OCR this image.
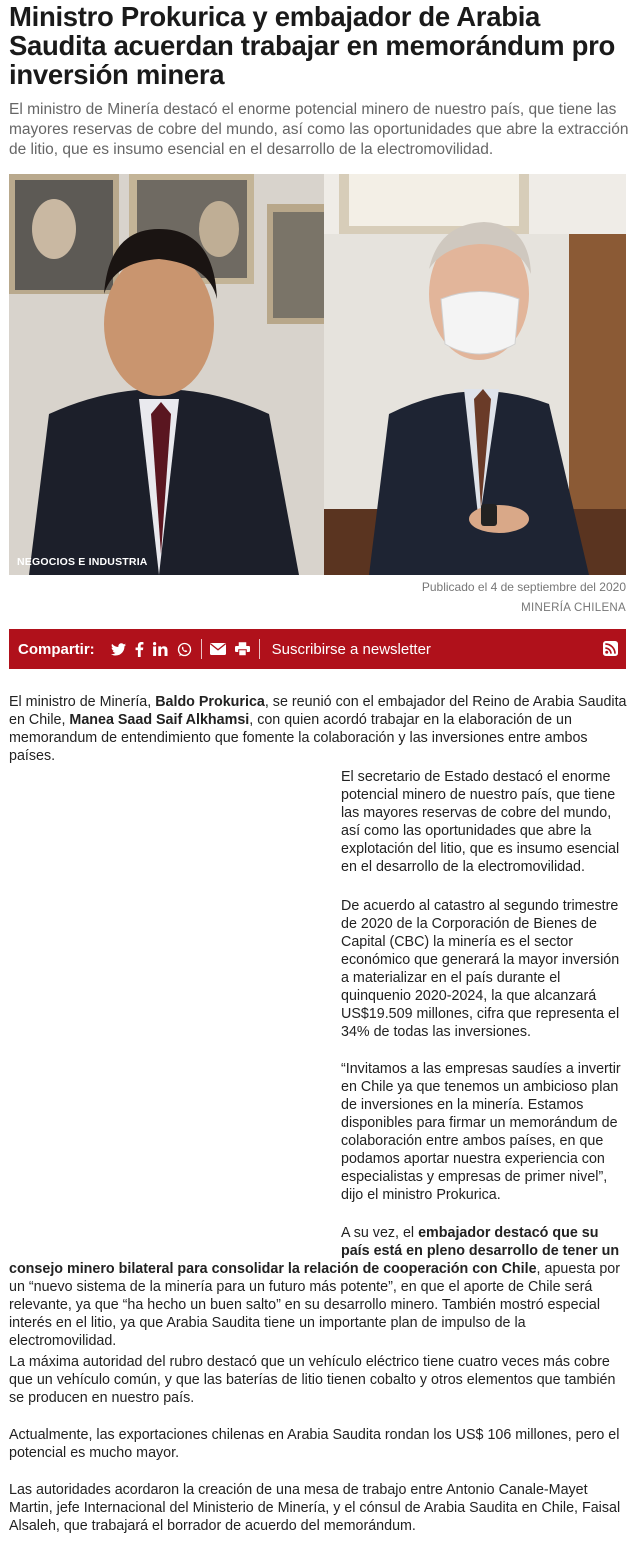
Ministro Prokurica y embajador de Arabia Saudita acuerdan trabajar en memorándum pro inversión minera

El ministro de Minería destacó el enorme potencial minero de nuestro país, que tiene las mayores reservas de cobre del mundo, así como las oportunidades que abre la extracción de litio, que es insumo esencial en el desarrollo de la electromovilidad.

NEGOCIOS E INDUSTRIA
Publicado el 4 de septiembre del 2020
MINERÍA CHILENA
Compartir:	Suscribirse a newsletter

El ministro de Minería, Baldo Prokurica, se reunió con el embajador del Reino de Arabia Saudita en Chile, Manea Saad Saif Alkhamsi, con quien acordó trabajar en la elaboración de un memorandum de entendimiento que fomente la colaboración y las inversiones entre ambos países.

El secretario de Estado destacó el enorme potencial minero de nuestro país, que tiene las mayores reservas de cobre del mundo, así como las oportunidades que abre la explotación del litio, que es insumo esencial en el desarrollo de la electromovilidad.

De acuerdo al catastro al segundo trimestre de 2020 de la Corporación de Bienes de Capital (CBC) la minería es el sector económico que generará la mayor inversión a materializar en el país durante el quinquenio 2020-2024, la que alcanzará US$19.509 millones, cifra que representa el 34% de todas las inversiones.

“Invitamos a las empresas saudíes a invertir en Chile ya que tenemos un ambicioso plan de inversiones en la minería. Estamos disponibles para firmar un memorándum de colaboración entre ambos países, en que podamos aportar nuestra experiencia con especialistas y empresas de primer nivel”, dijo el ministro Prokurica.

A su vez, el embajador destacó que su país está en pleno desarrollo de tener un

consejo minero bilateral para consolidar la relación de cooperación con Chile, apuesta por un “nuevo sistema de la minería para un futuro más potente”, en que el aporte de Chile será relevante, ya que “ha hecho un buen salto” en su desarrollo minero. También mostró especial interés en el litio, ya que Arabia Saudita tiene un importante plan de impulso de la electromovilidad.

La máxima autoridad del rubro destacó que un vehículo eléctrico tiene cuatro veces más cobre que un vehículo común, y que las baterías de litio tienen cobalto y otros elementos que también se producen en nuestro país.

Actualmente, las exportaciones chilenas en Arabia Saudita rondan los US$ 106 millones, pero el potencial es mucho mayor.

Las autoridades acordaron la creación de una mesa de trabajo entre Antonio Canale-Mayet Martin, jefe Internacional del Ministerio de Minería, y el cónsul de Arabia Saudita en Chile, Faisal Alsaleh, que trabajará el borrador de acuerdo del memorándum.
